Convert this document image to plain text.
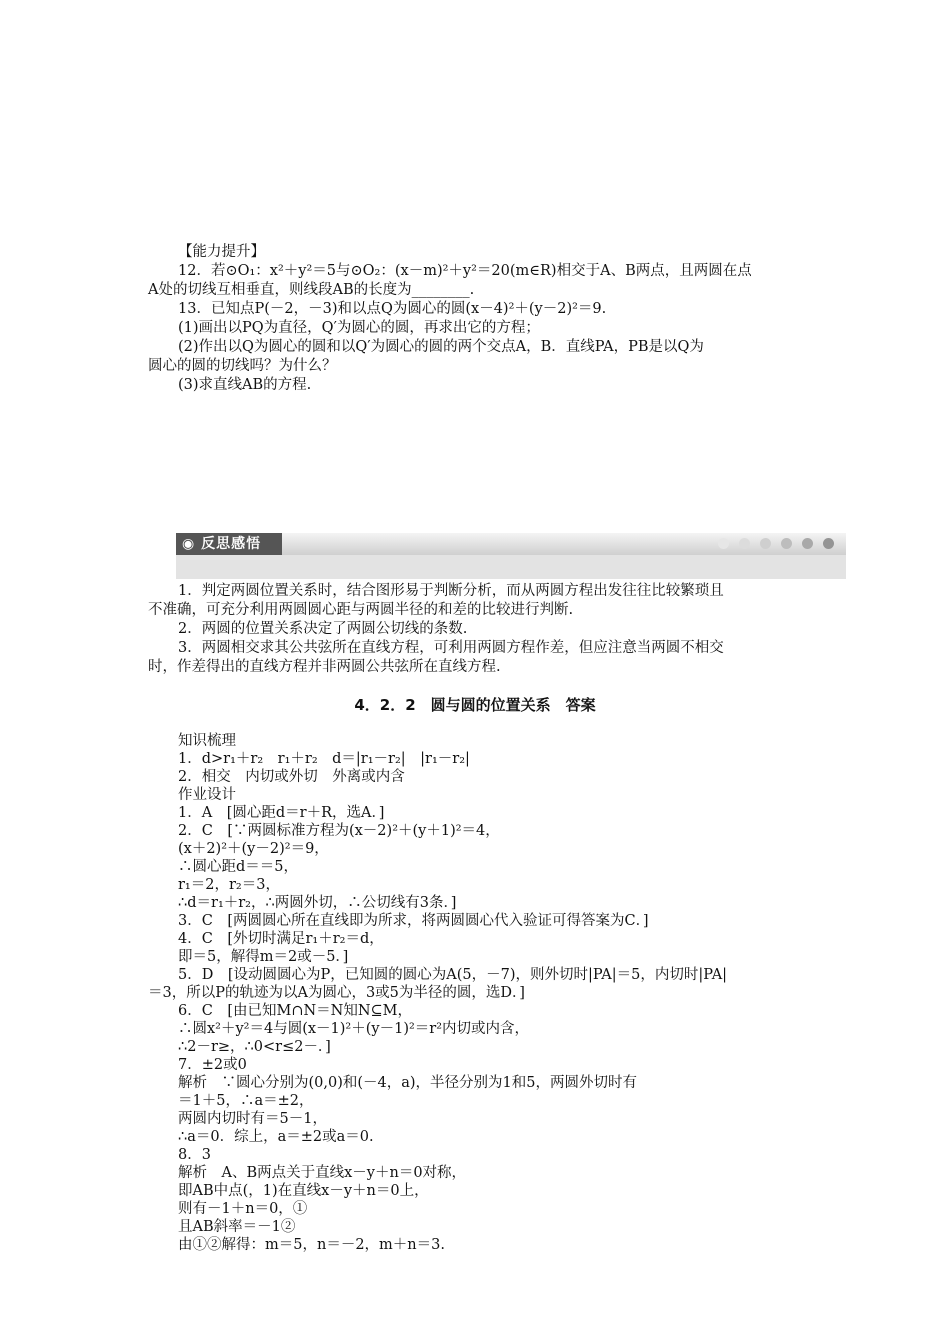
【能力提升】
12．若⊙O₁：x²＋y²＝5与⊙O₂：(x－m)²＋y²＝20(m∈R)相交于A、B两点，且两圆在点
A处的切线互相垂直，则线段AB的长度为________.
13．已知点P(－2，－3)和以点Q为圆心的圆(x－4)²＋(y－2)²＝9.
(1)画出以PQ为直径，Q′为圆心的圆，再求出它的方程；
(2)作出以Q为圆心的圆和以Q′为圆心的圆的两个交点A，B．直线PA，PB是以Q为
圆心的圆的切线吗？为什么？
(3)求直线AB的方程.
◉ 反思感悟
1．判定两圆位置关系时，结合图形易于判断分析，而从两圆方程出发往往比较繁琐且
不准确，可充分利用两圆圆心距与两圆半径的和差的比较进行判断.
2．两圆的位置关系决定了两圆公切线的条数.
3．两圆相交求其公共弦所在直线方程，可利用两圆方程作差，但应注意当两圆不相交
时，作差得出的直线方程并非两圆公共弦所在直线方程.
4．2．2　圆与圆的位置关系　答案
知识梳理
1．d>r₁＋r₂　r₁＋r₂　d＝|r₁－r₂|　|r₁－r₂|
2．相交　内切或外切　外离或内含
作业设计
1．A　[圆心距d＝r＋R，选A．]
2．C　[∵两圆标准方程为(x－2)²＋(y＋1)²＝4，
(x＋2)²＋(y－2)²＝9，
∴圆心距d＝＝5，
r₁＝2，r₂＝3，
∴d＝r₁＋r₂，∴两圆外切，∴公切线有3条．]
3．C　[两圆圆心所在直线即为所求，将两圆圆心代入验证可得答案为C．]
4．C　[外切时满足r₁＋r₂＝d，
即＝5，解得m＝2或－5．]
5．D　[设动圆圆心为P，已知圆的圆心为A(5，－7)，则外切时|PA|＝5，内切时|PA|
＝3，所以P的轨迹为以A为圆心，3或5为半径的圆，选D．]
6．C　[由已知M∩N＝N知N⊆M，
∴圆x²＋y²＝4与圆(x－1)²＋(y－1)²＝r²内切或内含，
∴2－r≥，∴0<r≤2－．]
7．±2或0
解析　∵圆心分别为(0,0)和(－4，a)，半径分别为1和5，两圆外切时有
＝1＋5，∴a＝±2，
两圆内切时有＝5－1，
∴a＝0．综上，a＝±2或a＝0.
8．3
解析　A、B两点关于直线x－y＋n＝0对称，
即AB中点(，1)在直线x－y＋n＝0上，
则有－1＋n＝0，①
且AB斜率＝－1②
由①②解得：m＝5，n＝－2，m＋n＝3.
